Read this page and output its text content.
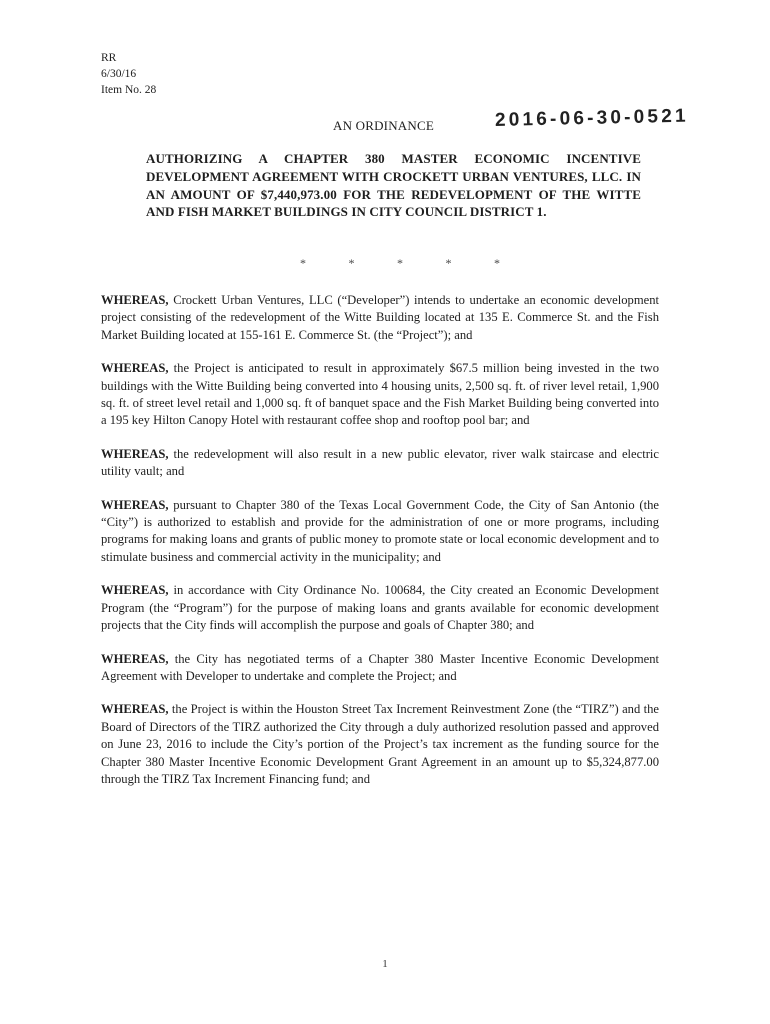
RR
6/30/16
Item No. 28
AN ORDINANCE	2016-06-30-0521
AUTHORIZING A CHAPTER 380 MASTER ECONOMIC INCENTIVE DEVELOPMENT AGREEMENT WITH CROCKETT URBAN VENTURES, LLC. IN AN AMOUNT OF $7,440,973.00 FOR THE REDEVELOPMENT OF THE WITTE AND FISH MARKET BUILDINGS IN CITY COUNCIL DISTRICT 1.
*	*	*	*	*

WHEREAS, Crockett Urban Ventures, LLC (“Developer”) intends to undertake an economic development project consisting of the redevelopment of the Witte Building located at 135 E. Commerce St. and the Fish Market Building located at 155-161 E. Commerce St. (the “Project”); and

WHEREAS, the Project is anticipated to result in approximately $67.5 million being invested in the two buildings with the Witte Building being converted into 4 housing units, 2,500 sq. ft. of river level retail, 1,900 sq. ft. of street level retail and 1,000 sq. ft of banquet space and the Fish Market Building being converted into a 195 key Hilton Canopy Hotel with restaurant coffee shop and rooftop pool bar; and

WHEREAS, the redevelopment will also result in a new public elevator, river walk staircase and electric utility vault; and

WHEREAS, pursuant to Chapter 380 of the Texas Local Government Code, the City of San Antonio (the “City”) is authorized to establish and provide for the administration of one or more programs, including programs for making loans and grants of public money to promote state or local economic development and to stimulate business and commercial activity in the municipality; and

WHEREAS, in accordance with City Ordinance No. 100684, the City created an Economic Development Program (the “Program”) for the purpose of making loans and grants available for economic development projects that the City finds will accomplish the purpose and goals of Chapter 380; and

WHEREAS, the City has negotiated terms of a Chapter 380 Master Incentive Economic Development Agreement with Developer to undertake and complete the Project; and

WHEREAS, the Project is within the Houston Street Tax Increment Reinvestment Zone (the “TIRZ”) and the Board of Directors of the TIRZ authorized the City through a duly authorized resolution passed and approved on June 23, 2016 to include the City’s portion of the Project’s tax increment as the funding source for the Chapter 380 Master Incentive Economic Development Grant Agreement in an amount up to $5,324,877.00 through the TIRZ Tax Increment Financing fund; and

1
